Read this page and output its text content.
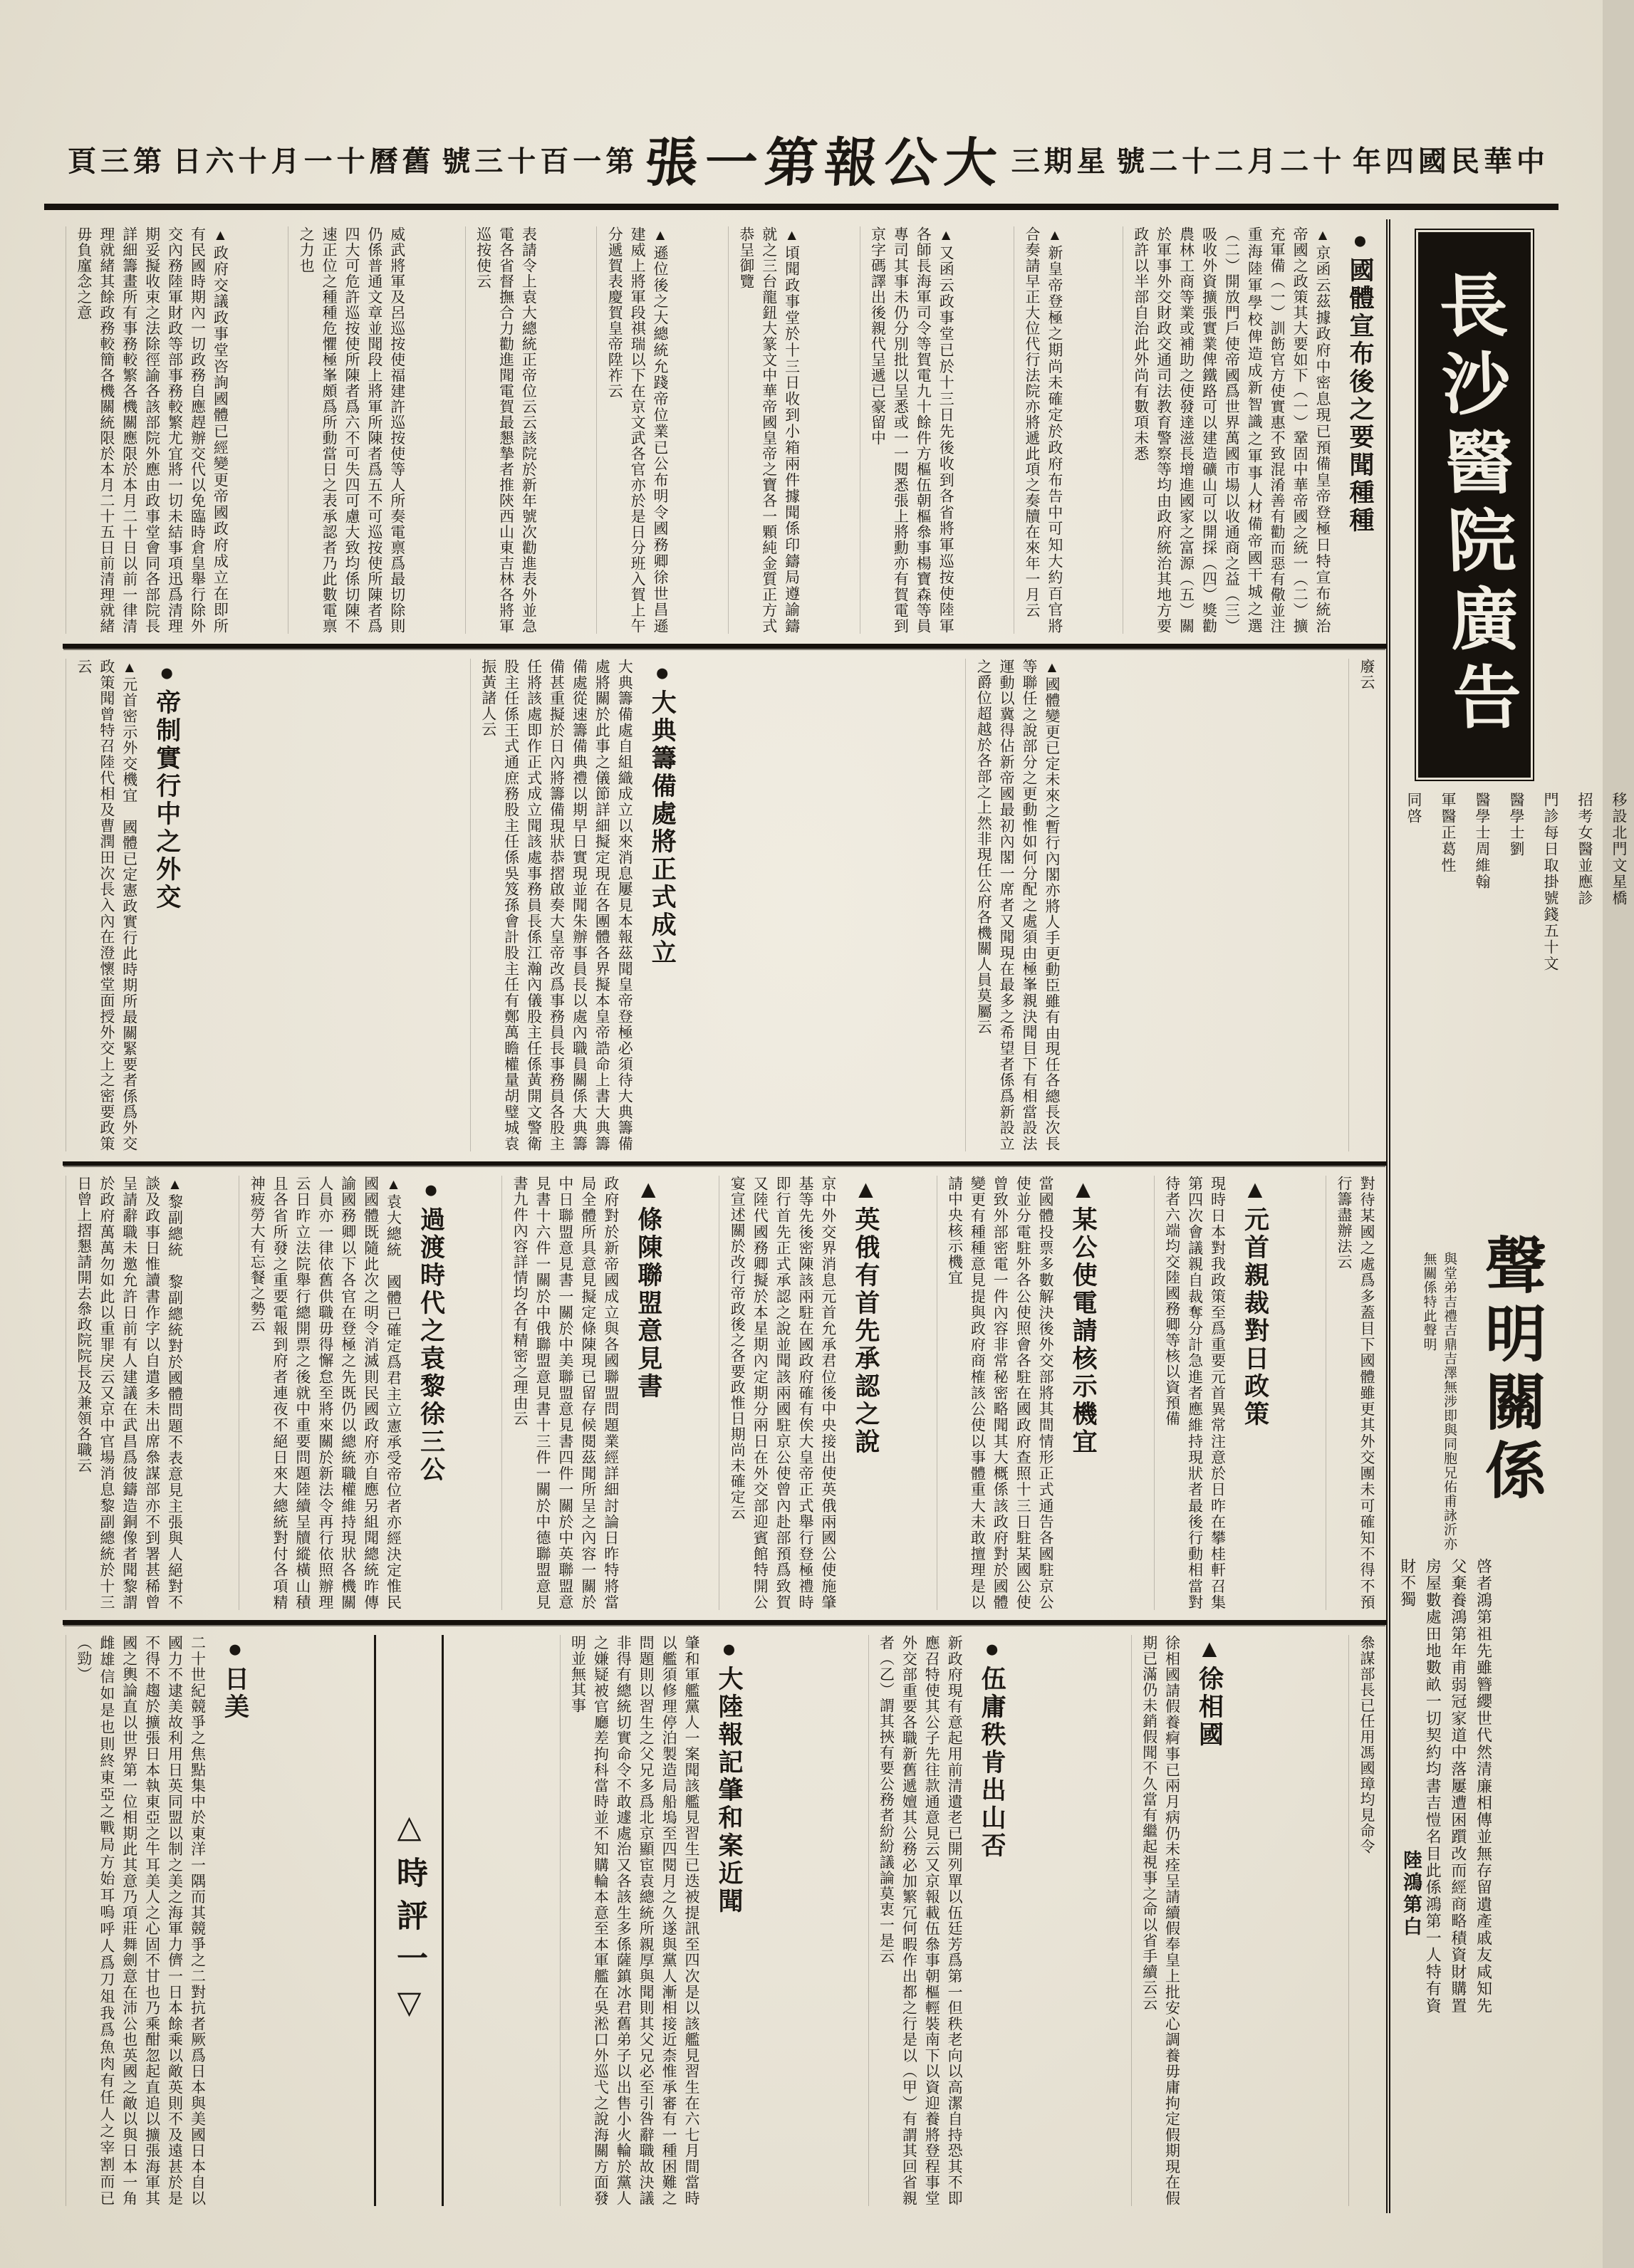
頁三第 日六十月一十曆舊 號三十百一第 張一第報公大 三期星 號二十二月二十 年四國民華中
●國體宣布後之要聞種種
▲京函云茲據政府中密息現已預備皇帝登極日特宣布統治帝國之政策其大要如下（一）鞏固中華帝國之統一（二）擴充軍備（一）訓飭官方使實惠不致混淆善有勸而惡有儆並注重海陸軍學校俾造成新智識之軍事人材備帝國干城之選（二）開放門戶使帝國爲世界萬國市場以收通商之益（三）吸收外資擴張實業俾鐵路可以建造礦山可以開採（四）獎勸農林工商等業或補助之使發達滋長增進國家之富源（五）關於軍事外交財政交通司法教育警察等均由政府統治其地方要政許以半部自治此外尚有數項未悉
▲新皇帝登極之期尚未確定於政府布告中可知大約百官將合奏請早正大位代行法院亦將遞此項之奏牘在來年一月云
▲又函云政事堂已於十三日先後收到各省將軍巡按使陸軍各師長海軍司令等賀電九十餘件方樞伍朝樞叅事楊寶森等員專司其事未仍分別批以呈悉或一一閱悉張上將勳亦有賀電到京字碼譯出後親代呈遞已豪留中
▲頃聞政事堂於十三日收到小箱兩件據聞係印鑄局遵諭鑄就之三台龍鈕大篆文中華帝國皇帝之寶各一顆純金質正方式恭呈御覽
▲遜位後之大總統允踐帝位業已公布明令國務卿徐世昌遜建威上將軍段祺瑞以下在京文武各官亦於是日分班入賀上午分遞賀表慶賀皇帝陞祚云
表請令上袁大總統正帝位云云該院於新年號次勸進表外並急電各省督撫合力勸進聞電賀最懇摯者推陝西山東吉林各將軍巡按使云
威武將軍及呂巡按使福建許巡按使等人所奏電禀爲最切除則仍係普通文章並聞段上將軍所陳者爲五不可巡按使所陳者爲四大可危許巡按使所陳者爲六不可失四可慮大致均係切陳不速正位之種種危懼極峯頗爲所動當日之表承認者乃此數電禀之力也
▲政府交議政事堂咨詢國體已經變更帝國政府成立在即所有民國時期內一切政務自應趕辦交代以免臨時倉皇舉行除外交內務陸軍財政等部事務較繁尤宜將一切未結事項迅爲清理期妥擬收束之法除徑諭各該部院外應由政事堂會同各部院長詳細籌畫所有事務較繁各機關應限於本月二十日以前一律清理就緒其餘政務較簡各機關統限於本月二十五日前清理就緒毋負廑念之意
廢云
▲國體變更已定未來之暫行內閣亦將人手更動臣雖有由現任各總長次長等聯任之說部分之更動惟如何分配之處須由極峯親決聞目下有相當設法運動以冀得佔新帝國最初內閣一席者又聞現在最多之希望者係爲新設立之爵位超越於各部之上然非現任公府各機關人員莫屬云
●大典籌備處將正式成立
大典籌備處自組織成立以來消息屢見本報茲聞皇帝登極必須待大典籌備處將關於此事之儀節詳細擬定現在各團體各界擬本皇帝誥命上書大典籌備處從速籌備典禮以期早日實現並聞朱辦事員長以處內職員關係大典籌備甚重擬於日內將籌備現狀恭摺啟奏大皇帝改爲事務員長事務員各股主任將該處即作正式成立聞該處事務員長係江瀚內儀股主任係黃開文警衛股主任係王式通庶務股主任係吳笈孫會計股主任有鄭萬瞻權量胡璧城袁振黃諸人云
●帝制實行中之外交
▲元首密示外交機宜　國體已定憲政實行此時期所最關緊要者係爲外交政策聞曾特召陸代相及曹潤田次長入內在澄懷堂面授外交上之密要政策云
對待某國之處爲多蓋目下國體雖更其外交團未可確知不得不預行籌盡辦法云
▲元首親裁對日政策
現時日本對我政策至爲重要元首異常注意於日昨在攀桂軒召集第四次會議親自裁奪分計急進者應維持現狀者最後行動相當對待者六端均交陸國務卿等核以資預備
▲某公使電請核示機宜
當國體投票多數解決後外交部將其間情形正式通告各國駐京公使並分電駐外各公使照會各駐在國政府查照十三日駐某國公使曾致外部密電一件內容非常秘密略聞其大概係該政府對於國體變更有種種意見提與政府商榷該公使以事體重大未敢擅理是以請中央核示機宜
▲英俄有首先承認之說
京中外交界消息元首允承君位後中央接出使英俄兩國公使施肇基等先後密陳該兩駐在國政府確有俟大皇帝正式舉行登極禮時即行首先正式承認之說並聞該兩國駐京公使曾內赴部預爲致賀又陸代國務卿擬於本星期內定期分兩日在外交部迎賓館特開公宴宣述關於改行帝政後之各要政惟日期尚未確定云
▲條陳聯盟意見書
政府對於新帝國成立與各國聯盟問題業經詳細討論日昨特將當局全體所具意見擬定條陳現已留存候閱茲聞所呈之內容一關於中日聯盟意見書一關於中美聯盟意見書四件一關於中英聯盟意見書十六件一關於中俄聯盟意見書十三件一關於中德聯盟意見書九件內容詳情均各有精密之理由云
●過渡時代之袁黎徐三公
▲袁大總統　國體已確定爲君主立憲承受帝位者亦經決定惟民國國體既隨此次之明令消滅則民國政府亦自應另組聞總統昨傳諭國務卿以下各官在登極之先既仍以總統職權維持現狀各機關人員亦一律依舊供職毋得懈怠至將來關於新法令再行依照辦理云日昨立法院舉行總開票之後就中重要問題陸續呈牘縱橫山積且各省所發之重要電報到府者連夜不絕日來大總統對付各項精神疲勞大有忘餐之勢云
▲黎副總統　黎副總統對於國體問題不表意見主張與人絕對不談及政事日惟讀書作字以自遣多未出席叅謀部亦不到署甚稀曾呈請辭職未邀允許日前有人建議在武昌爲彼鑄造銅像者聞黎謂於政府萬萬勿如此以重罪戾云又京中官場消息黎副總統於十三日曾上摺懇請開去叅政院院長及兼領各職云
叅謀部長已任用馮國璋均見命令
▲徐相國
徐相國請假養痾事已兩月病仍未痊呈請續假奉皇上批安心調養毋庸拘定假期現在假期已滿仍未銷假聞不久當有繼起視事之命以省手續云云
●伍庸秩肯出山否
新政府現有意起用前清遺老已開列單以伍廷芳爲第一但秩老向以高潔自持恐其不即應召特使其公子先往款通意見云又京報載伍叅事朝樞輕裝南下以資迎養將登程事堂外交部重要各職新舊遞嬗其公務必加繁冗何暇作出都之行是以（甲）有謂其回省親者（乙）謂其挾有要公務者紛紛議論莫衷一是云
●大陸報記肇和案近聞
肇和軍艦黨人一案聞該艦見習生已迭被提訊至四次是以該艦見習生在六七月間當時以艦須修理停泊製造局船塢至四閱月之久遂與黨人漸相接近柰惟承審有一種困難之問題則以習生之父兄多爲北京顯宦袁總統所親厚與聞則其父兄必至引咎辭職故決議非得有總統切實命令不敢遽處治又各該生多係薩鎮冰君舊弟子以出售小火輪於黨人之嫌疑被官廳差拘科當時並不知購輪本意至本軍艦在吳淞口外巡弋之說海關方面發明並無其事
△時評一▽
●日美
二十世紀競爭之焦點集中於東洋一隅而其競爭之二對抗者厥爲日本與美國日本自以國力不逮美故利用日英同盟以制之美之海軍力儕一日本餘乘以敵英則不及遠甚於是不得不趨於擴張日本執東亞之牛耳美人之心固不甘也乃乘酣忽起直追以擴張海軍其國之輿論直以世界第一位相期此其意乃項莊舞劍意在沛公也英國之敵以與日本一角雌雄信如是也則終東亞之戰局方始耳嗚呼人爲刀俎我爲魚肉有任人之宰割而已（勁）
長沙醫院廣告
移設北門文星橋
招考女醫並應診
門診每日取掛號錢五十文
醫學士劉
醫學士周維翰
軍醫正葛性
同啓
聲明關係
與堂弟吉禮吉鼎吉澤無涉即與同胞兄佑甫詠沂亦無關係特此聲明
啓者鴻第祖先雖簪纓世代然清廉相傳並無存留遺產戚友咸知先父棄養鴻第年甫弱冠家道中落屢遭困躓改而經商略積資財購置房屋數處田地數畝一切契約均書吉愷名目此係鴻第一人特有資財不獨
陸鴻第白
